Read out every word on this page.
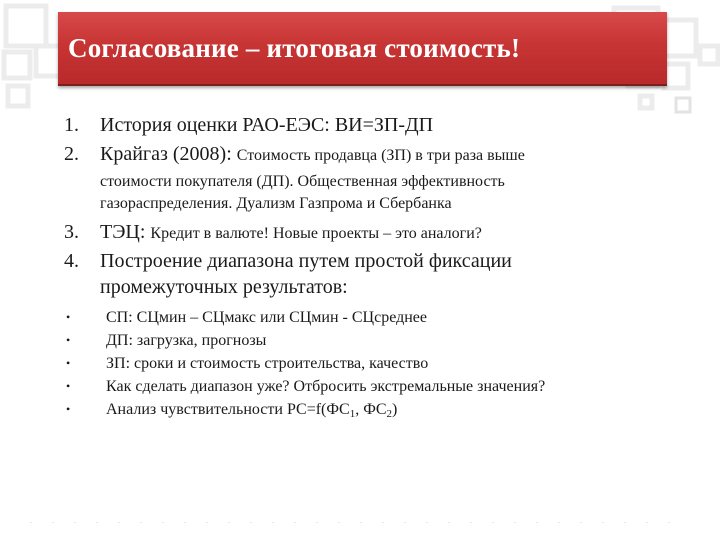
Согласование – итоговая стоимость!
1.	История оценки РАО-ЕЭС: ВИ=ЗП-ДП
2.	Крайгаз (2008): Стоимость продавца (ЗП) в три раза выше
стоимости покупателя (ДП). Общественная эффективность
газораспределения. Дуализм Газпрома и Сбербанка
3.	ТЭЦ: Кредит в валюте! Новые проекты – это аналоги?
4.	Построение диапазона путем простой фиксации
промежуточных результатов:
•	СП: СЦмин – СЦмакс или СЦмин - СЦсреднее
•	ДП: загрузка, прогнозы
•	ЗП: сроки и стоимость строительства, качество
•	Как сделать диапазон уже? Отбросить экстремальные значения?
•	Анализ чувствительности $РС=f(ФС_1$, $ФС_2$)
